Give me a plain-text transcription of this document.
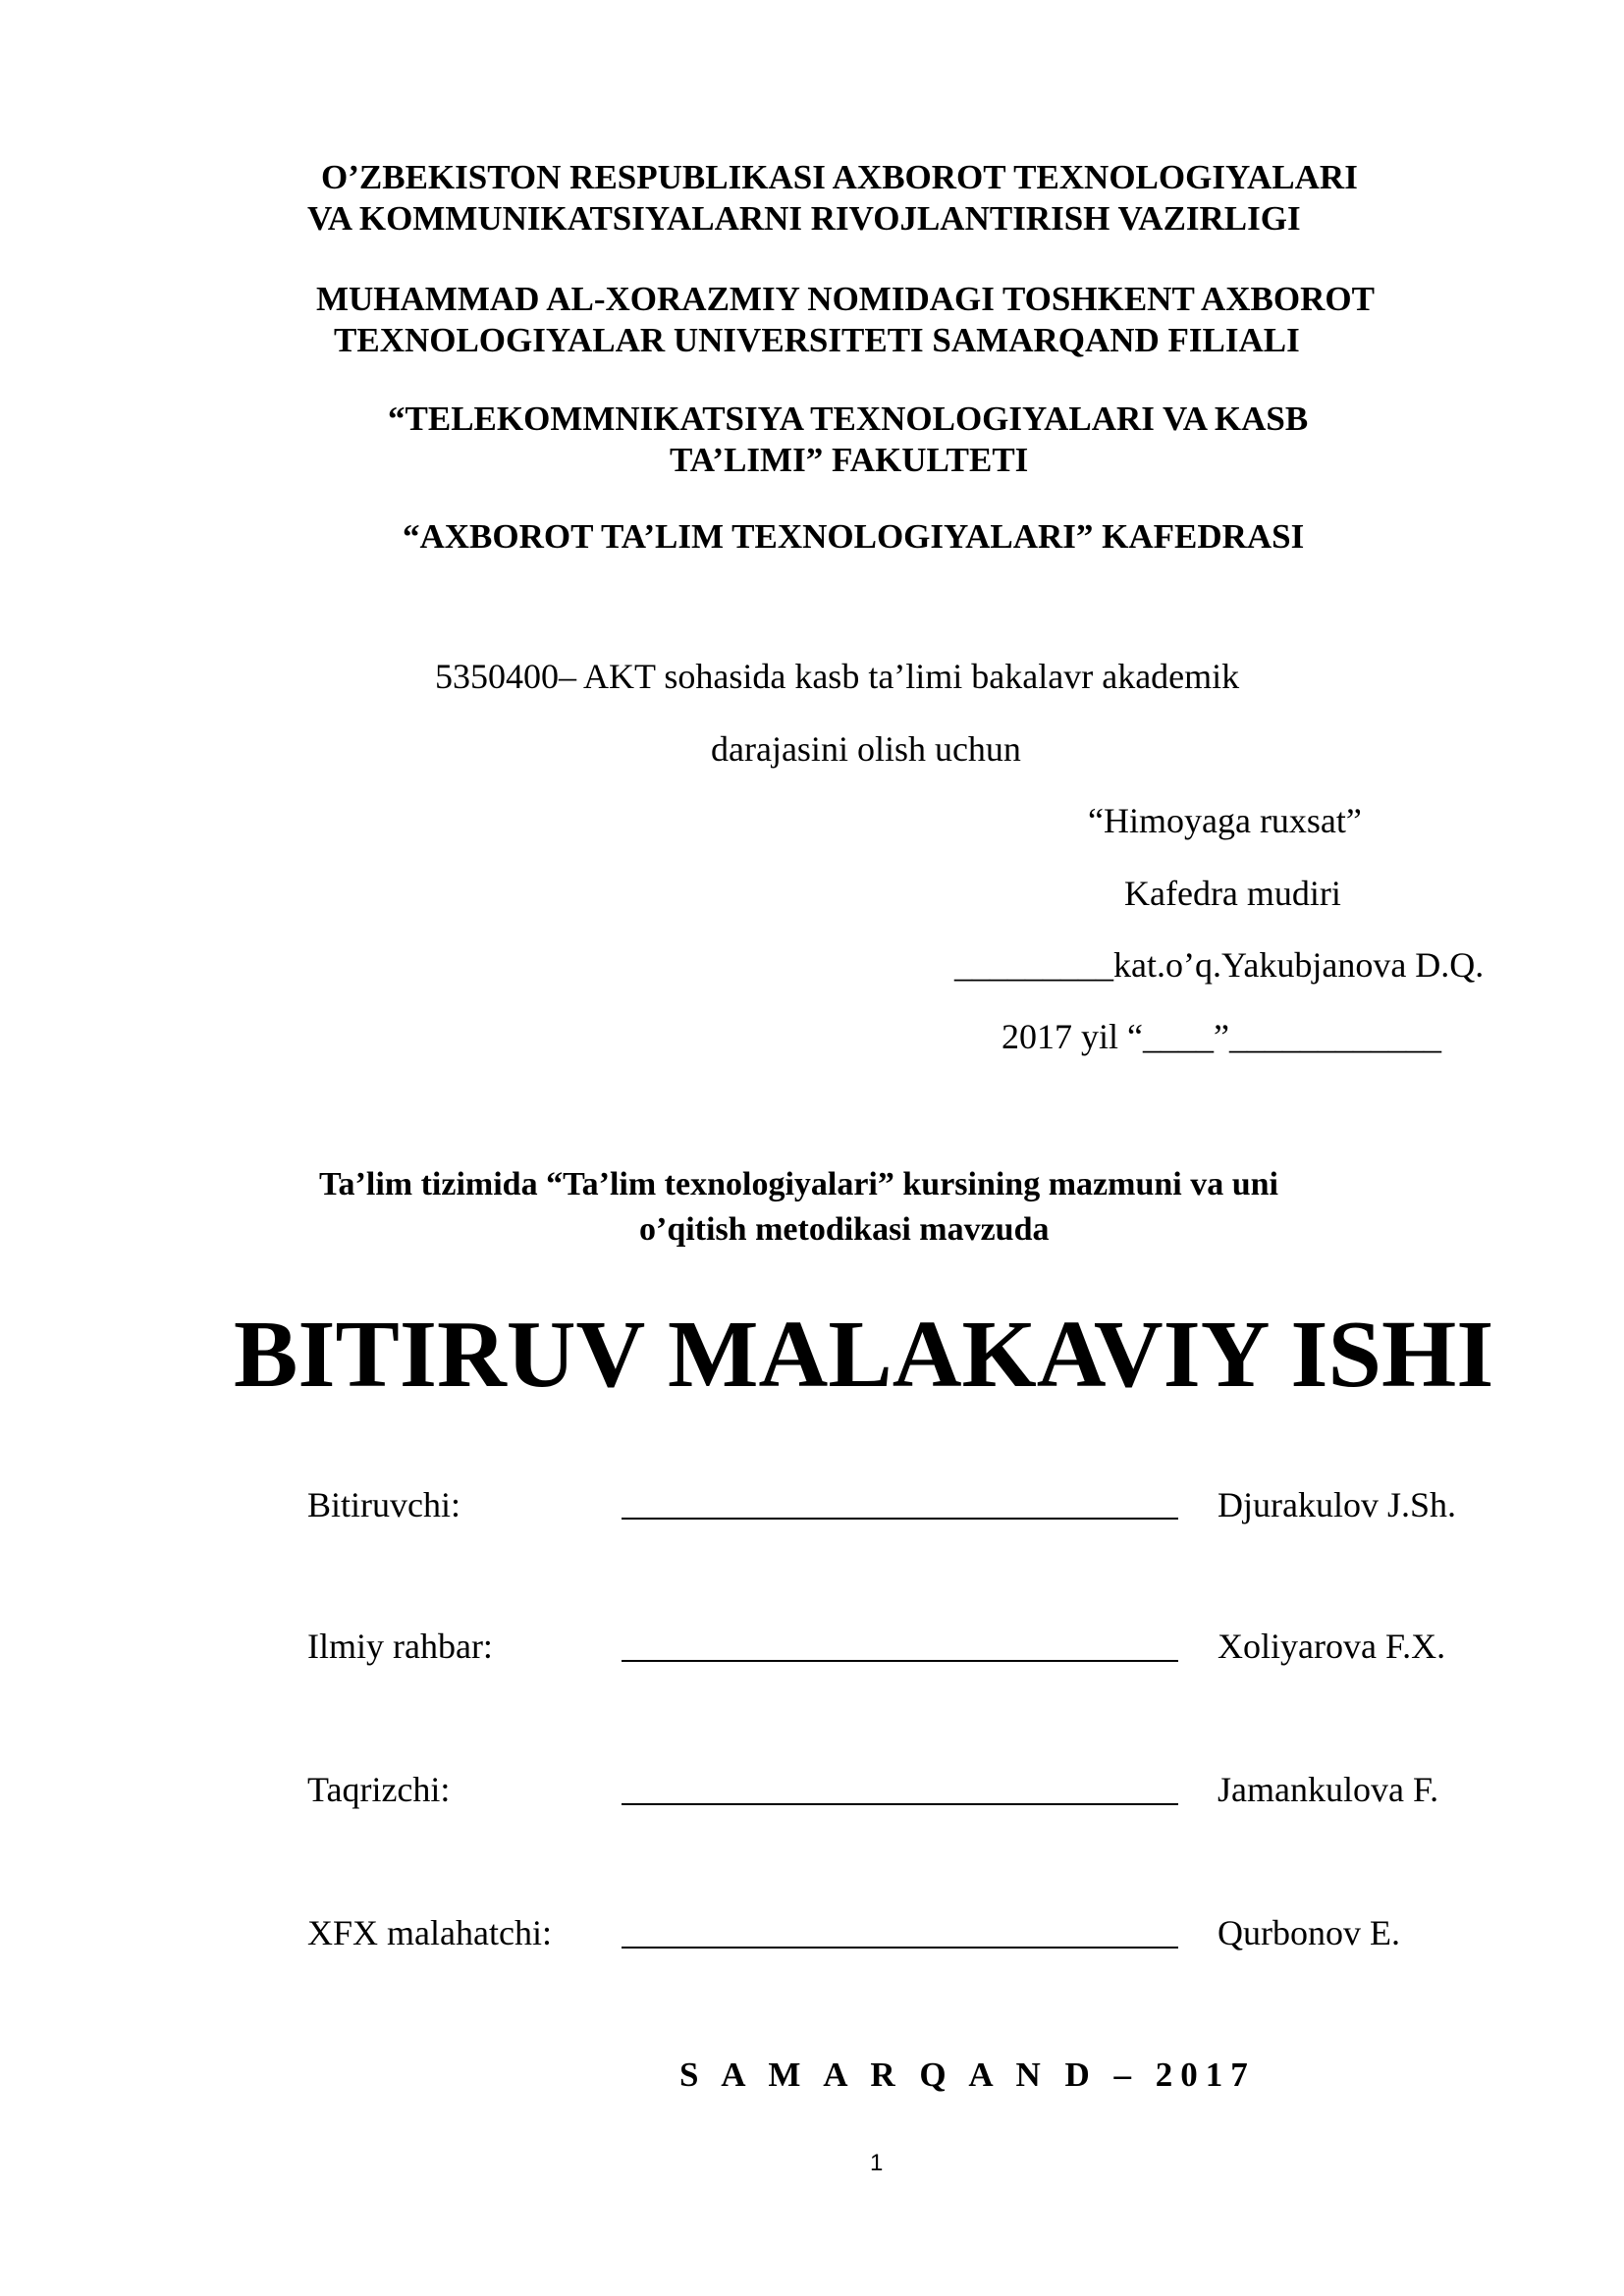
O’ZBEKISTON RESPUBLIKASI AXBOROT TEXNOLOGIYALARI
VA KOMMUNIKATSIYALARNI RIVOJLANTIRISH VAZIRLIGI
MUHAMMAD AL-XORAZMIY NOMIDAGI TOSHKENT AXBOROT
TEXNOLOGIYALAR UNIVERSITETI SAMARQAND FILIALI
“TELEKOMMNIKATSIYA TEXNOLOGIYALARI VA KASB
TA’LIMI” FAKULTETI
“AXBOROT TA’LIM TEXNOLOGIYALARI” KAFEDRASI
5350400– AKT sohasida kasb ta’limi bakalavr akademik
darajasini olish uchun
“Himoyaga ruxsat”
Kafedra mudiri
_________kat.o’q.Yakubjanova D.Q.
2017 yil “____”____________
Ta’lim tizimida “Ta’lim texnologiyalari” kursining mazmuni va uni
o’qitish metodikasi mavzuda
BITIRUV MALAKAVIY ISHI
Bitiruvchi:	Djurakulov J.Sh.
Ilmiy rahbar:	Xoliyarova F.X.
Taqrizchi:	Jamankulova F.
XFX malahatchi:	Qurbonov E.
S A M A R Q A N D – 2017
1
